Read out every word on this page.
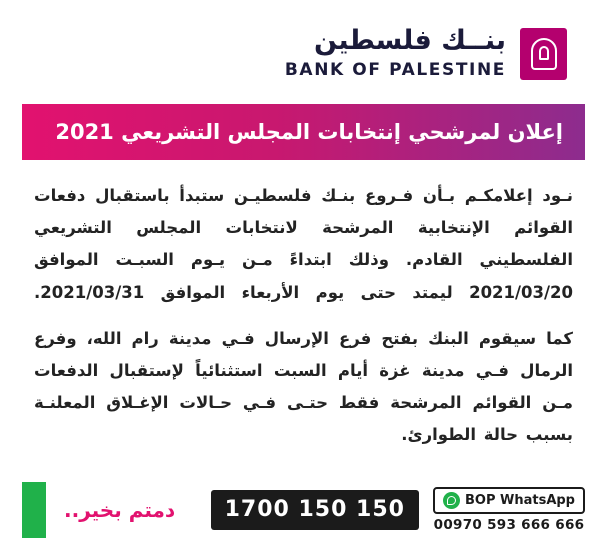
بنــك فلسطين
BANK OF PALESTINE
إعلان لمرشحي إنتخابات المجلس التشريعي 2021

نـود إعلامكـم بـأن فـروع بنـك فلسطيـن ستبدأ باستقبال دفعات القوائم الإنتخابية المرشحة لانتخابات المجلس التشريعي الفلسطيني القادم. وذلك ابتداءً مـن يـوم السبـت الموافق 2021/03/20 ليمتد حتى يوم الأربعاء الموافق 2021/03/31.

كما سيقوم البنك بفتح فرع الإرسال فـي مدينة رام الله، وفرع الرمال فـي مدينة غزة أيام السبت استثنائياً لإستقبال الدفعات مـن القوائم المرشحة فقط حتـى فـي حـالات الإغـلاق المعلنـة بسبب حالة الطوارئ.

دمتم بخير..	1700 150 150	BOP WhatsApp
00970 593 666 666
